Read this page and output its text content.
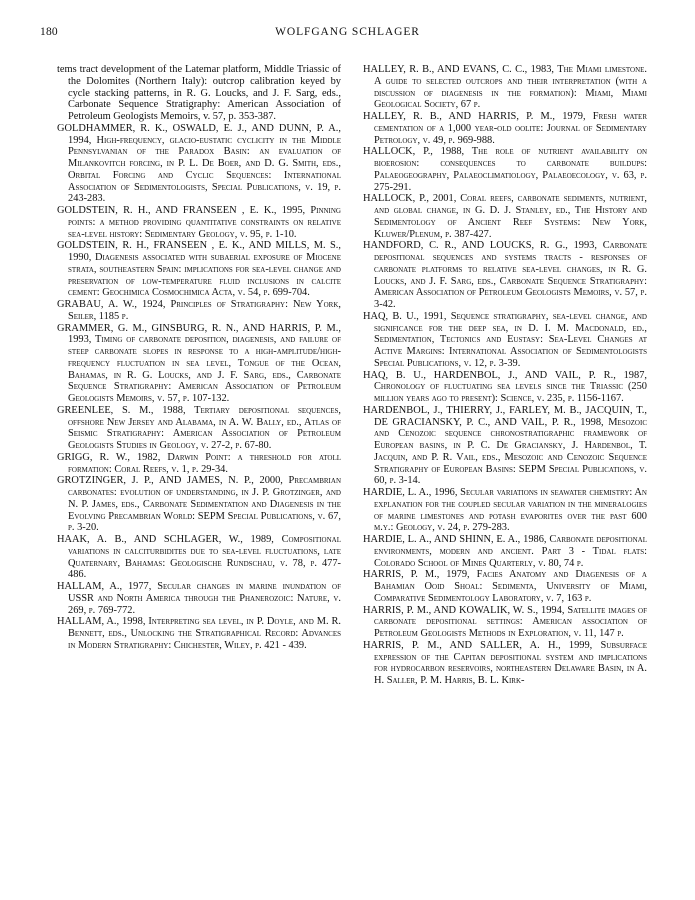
180	WOLFGANG SCHLAGER

tems tract development of the Latemar platform, Middle Triassic of the Dolomites (Northern Italy): outcrop calibration keyed by cycle stacking patterns, in R. G. Loucks, and J. F. Sarg, eds., Carbonate Sequence Stratigraphy: American Association of Petroleum Geologists Memoirs, v. 57, p. 353-387.

GOLDHAMMER, R. K., OSWALD, E. J., AND DUNN, P. A., 1994, High-frequency, glacio-eustatic cyclicity in the Middle Pennsylvanian of the Paradox Basin: an evaluation of Milankovitch forcing, in P. L. De Boer, and D. G. Smith, eds., Orbital Forcing and Cyclic Sequences: International Association of Sedimentologists, Special Publications, v. 19, p. 243-283.

GOLDSTEIN, R. H., AND FRANSEEN , E. K., 1995, Pinning points: a method providing quantitative constraints on relative sea-level history: Sedimentary Geology, v. 95, p. 1-10.

GOLDSTEIN, R. H., FRANSEEN , E. K., AND MILLS, M. S., 1990, Diagenesis associated with subaerial exposure of Miocene strata, southeastern Spain: implications for sea-level change and preservation of low-temperature fluid inclusions in calcite cement: Geochimica Cosmochimica Acta, v. 54, p. 699-704.

GRABAU, A. W., 1924, Principles of Stratigraphy: New York, Seiler, 1185 p.

GRAMMER, G. M., GINSBURG, R. N., AND HARRIS, P. M., 1993, Timing of carbonate deposition, diagenesis, and failure of steep carbonate slopes in response to a high-amplitude/high-frequency fluctuation in sea level, Tongue of the Ocean, Bahamas, in R. G. Loucks, and J. F. Sarg, eds., Carbonate Sequence Stratigraphy: American Association of Petroleum Geologists Memoirs, v. 57, p. 107-132.

GREENLEE, S. M., 1988, Tertiary depositional sequences, offshore New Jersey and Alabama, in A. W. Bally, ed., Atlas of Seismic Stratigraphy: American Association of Petroleum Geologists Studies in Geology, v. 27-2, p. 67-80.

GRIGG, R. W., 1982, Darwin Point: a threshold for atoll formation: Coral Reefs, v. 1, p. 29-34.

GROTZINGER, J. P., AND JAMES, N. P., 2000, Precambrian carbonates: evolution of understanding, in J. P. Grotzinger, and N. P. James, eds., Carbonate Sedimentation and Diagenesis in the Evolving Precambrian World: SEPM Special Publications, v. 67, p. 3-20.

HAAK, A. B., AND SCHLAGER, W., 1989, Compositional variations in calciturbidites due to sea-level fluctuations, late Quaternary, Bahamas: Geologische Rundschau, v. 78, p. 477-486.

HALLAM, A., 1977, Secular changes in marine inundation of USSR and North America through the Phanerozoic: Nature, v. 269, p. 769-772.

HALLAM, A., 1998, Interpreting sea level, in P. Doyle, and M. R. Bennett, eds., Unlocking the Stratigraphical Record: Advances in Modern Stratigraphy: Chichester, Wiley, p. 421 - 439.

HALLEY, R. B., AND EVANS, C. C., 1983, The Miami limestone. A guide to selected outcrops and their interpretation (with a discussion of diagenesis in the formation): Miami, Miami Geological Society, 67 p.

HALLEY, R. B., AND HARRIS, P. M., 1979, Fresh water cementation of a 1,000 year-old oolite: Journal of Sedimentary Petrology, v. 49, p. 969-988.

HALLOCK, P., 1988, The role of nutrient availability on bioerosion: consequences to carbonate buildups: Palaeogeography, Palaeoclimatiology, Palaeoecology, v. 63, p. 275-291.

HALLOCK, P., 2001, Coral reefs, carbonate sediments, nutrient, and global change, in G. D. J. Stanley, ed., The History and Sedimentology of Ancient Reef Systems: New York, Kluwer/Plenum, p. 387-427.

HANDFORD, C. R., AND LOUCKS, R. G., 1993, Carbonate depositional sequences and systems tracts - responses of carbonate platforms to relative sea-level changes, in R. G. Loucks, and J. F. Sarg, eds., Carbonate Sequence Stratigraphy: American Association of Petroleum Geologists Memoirs, v. 57, p. 3-42.

HAQ, B. U., 1991, Sequence stratigraphy, sea-level change, and significance for the deep sea, in D. I. M. Macdonald, ed., Sedimentation, Tectonics and Eustasy: Sea-Level Changes at Active Margins: International Association of Sedimentologists Special Publications, v. 12, p. 3-39.

HAQ, B. U., HARDENBOL, J., AND VAIL, P. R., 1987, Chronology of fluctuating sea levels since the Triassic (250 million years ago to present): Science, v. 235, p. 1156-1167.

HARDENBOL, J., THIERRY, J., FARLEY, M. B., JACQUIN, T., DE GRACIANSKY, P. C., AND VAIL, P. R., 1998, Mesozoic and Cenozoic sequence chronostratigraphic framework of European basins, in P. C. De Graciansky, J. Hardenbol, T. Jacquin, and P. R. Vail, eds., Mesozoic and Cenozoic Sequence Stratigraphy of European Basins: SEPM Special Publications, v. 60, p. 3-14.

HARDIE, L. A., 1996, Secular variations in seawater chemistry: An explanation for the coupled secular variation in the mineralogies of marine limestones and potash evaporites over the past 600 m.y.: Geology, v. 24, p. 279-283.

HARDIE, L. A., AND SHINN, E. A., 1986, Carbonate depositional environments, modern and ancient. Part 3 - Tidal flats: Colorado School of Mines Quarterly, v. 80, 74 p.

HARRIS, P. M., 1979, Facies Anatomy and Diagenesis of a Bahamian Ooid Shoal: Sedimenta, University of Miami, Comparative Sedimentology Laboratory, v. 7, 163 p.

HARRIS, P. M., AND KOWALIK, W. S., 1994, Satellite images of carbonate depositional settings: American association of Petroleum Geologists Methods in Exploration, v. 11, 147 p.

HARRIS, P. M., AND SALLER, A. H., 1999, Subsurface expression of the Capitan depositional system and implications for hydrocarbon reservoirs, northeastern Delaware Basin, in A. H. Saller, P. M. Harris, B. L. Kirk-
